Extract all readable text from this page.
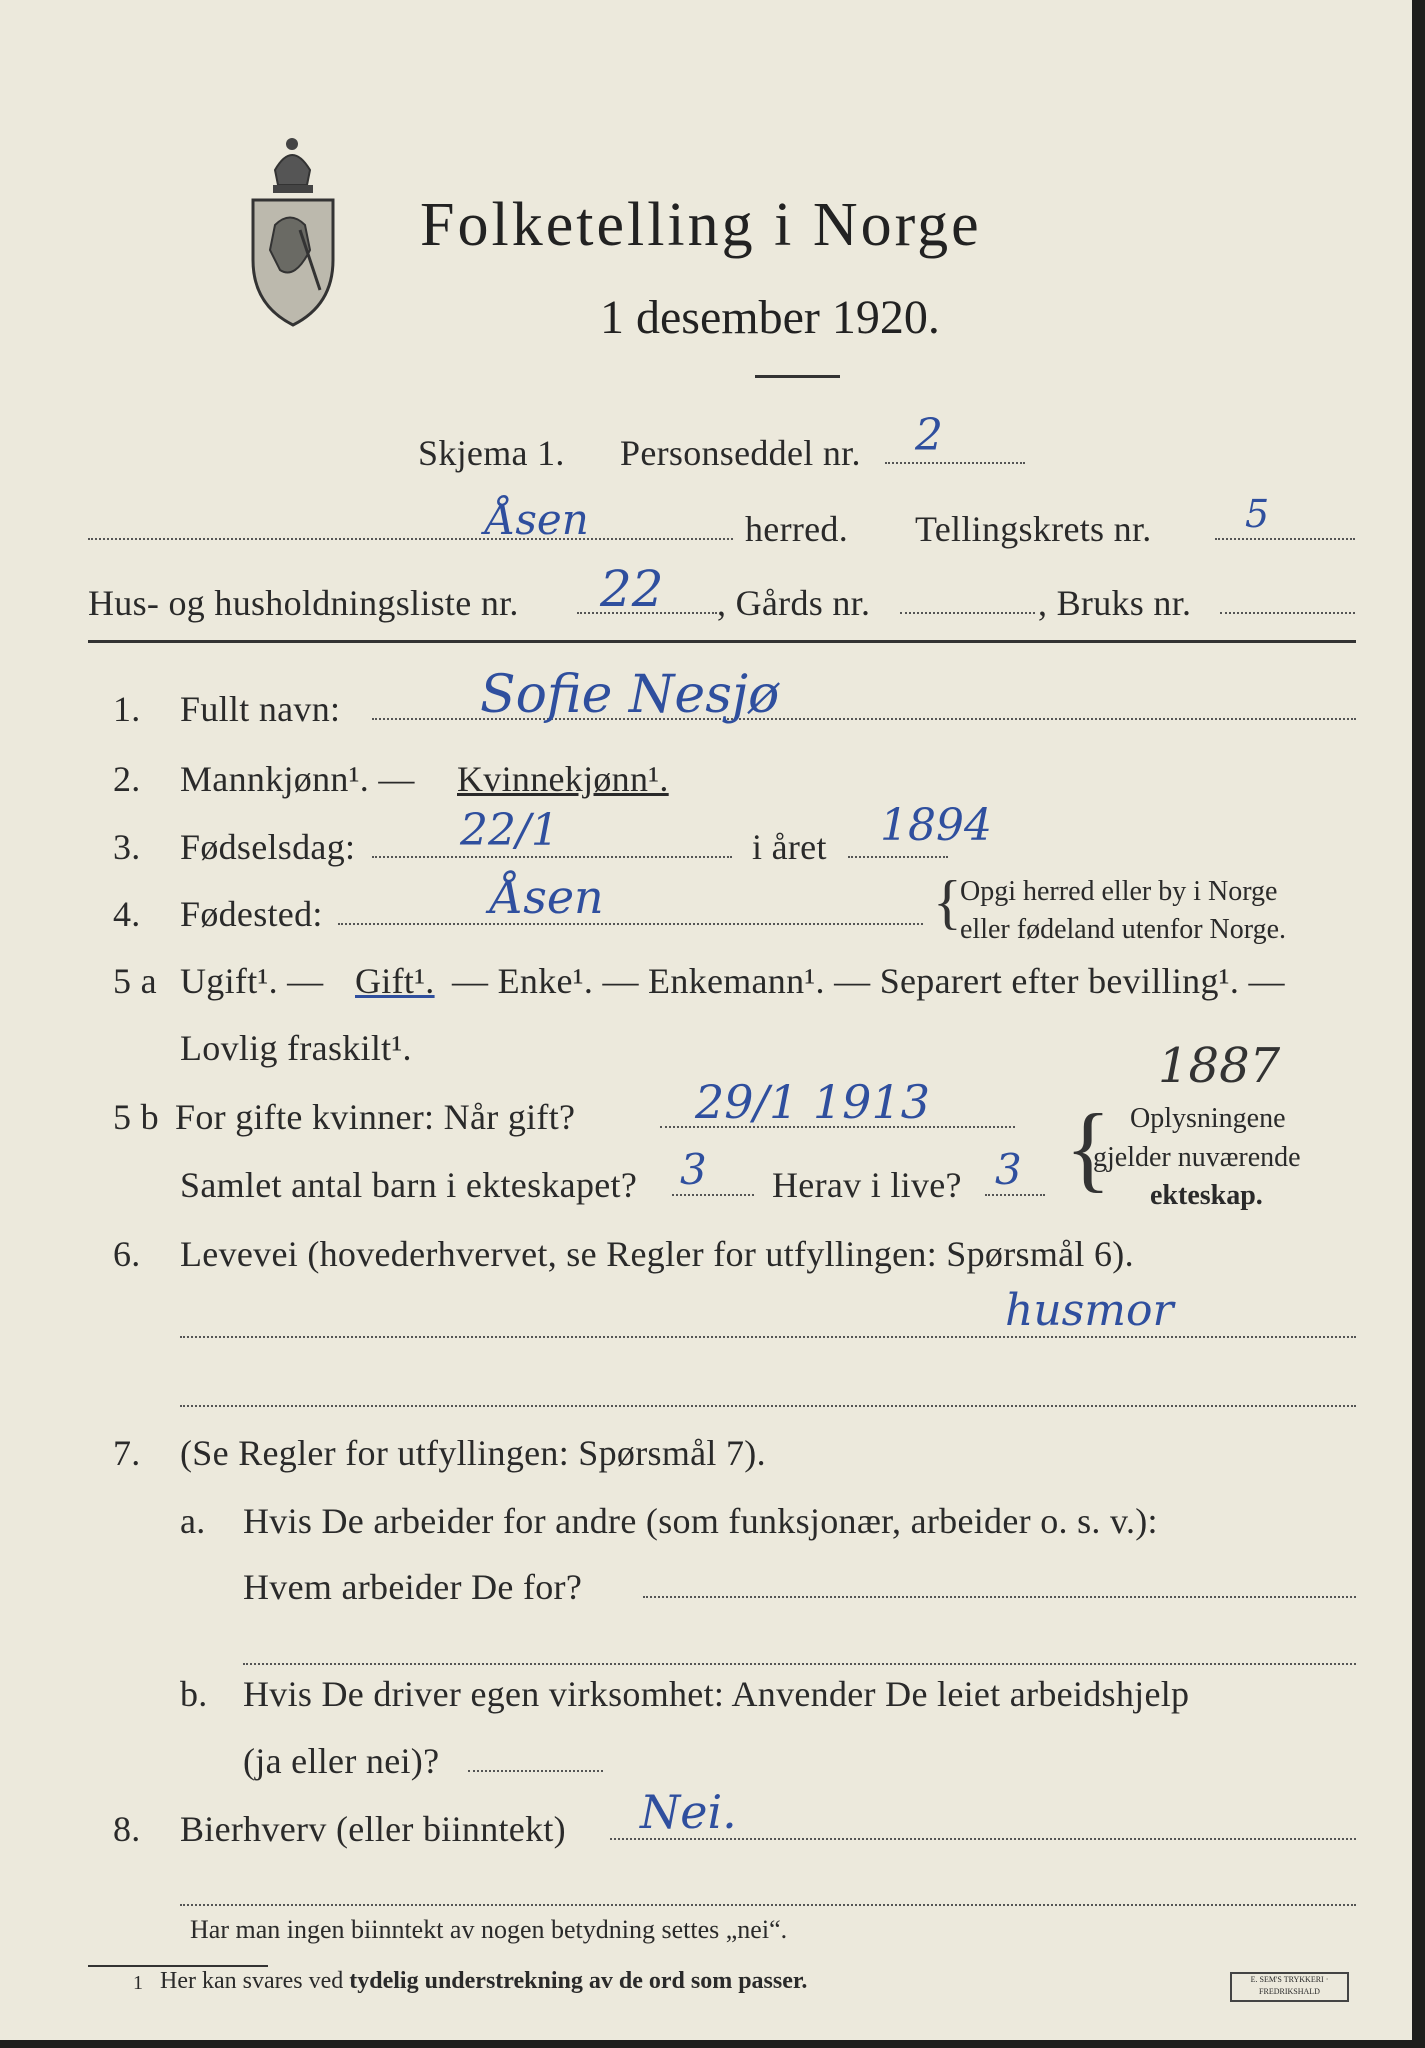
Folketelling i Norge
1 desember 1920.
Skjema 1. Personseddel nr. 2
Åsen	herred. Tellingskrets nr. 5
Hus- og husholdningsliste nr. 22 , Gårds nr.	, Bruks nr.
1. Fullt navn:	Sofie Nesjø
2. Mannkjønn¹. — Kvinnekjønn¹.
3. Fødselsdag: 22/1	i året 1894
4. Fødested:	Åsen	{
Opgi herred eller by i Norge
eller fødeland utenfor Norge.
5 a Ugift¹. — Gift¹. — Enke¹. — Enkemann¹. — Separert efter bevilling¹. —
Lovlig fraskilt¹.
5 b For gifte kvinner: Når gift?	29/1 1913
1887
Samlet antal barn i ekteskapet? 3 Herav i live? 3 { Oplysningene
gjelder nuværende
ekteskap.
6. Levevei (hovederhvervet, se Regler for utfyllingen: Spørsmål 6).
husmor
7. (Se Regler for utfyllingen: Spørsmål 7).
a. Hvis De arbeider for andre (som funksjonær, arbeider o. s. v.):
Hvem arbeider De for?
b. Hvis De driver egen virksomhet: Anvender De leiet arbeidshjelp
(ja eller nei)?
8. Bierhverv (eller biinntekt) Nei.
Har man ingen biinntekt av nogen betydning settes „nei“.
1 Her kan svares ved tydelig understrekning av de ord som passer.	E. SEM'S TRYKKERI · FREDRIKSHALD
